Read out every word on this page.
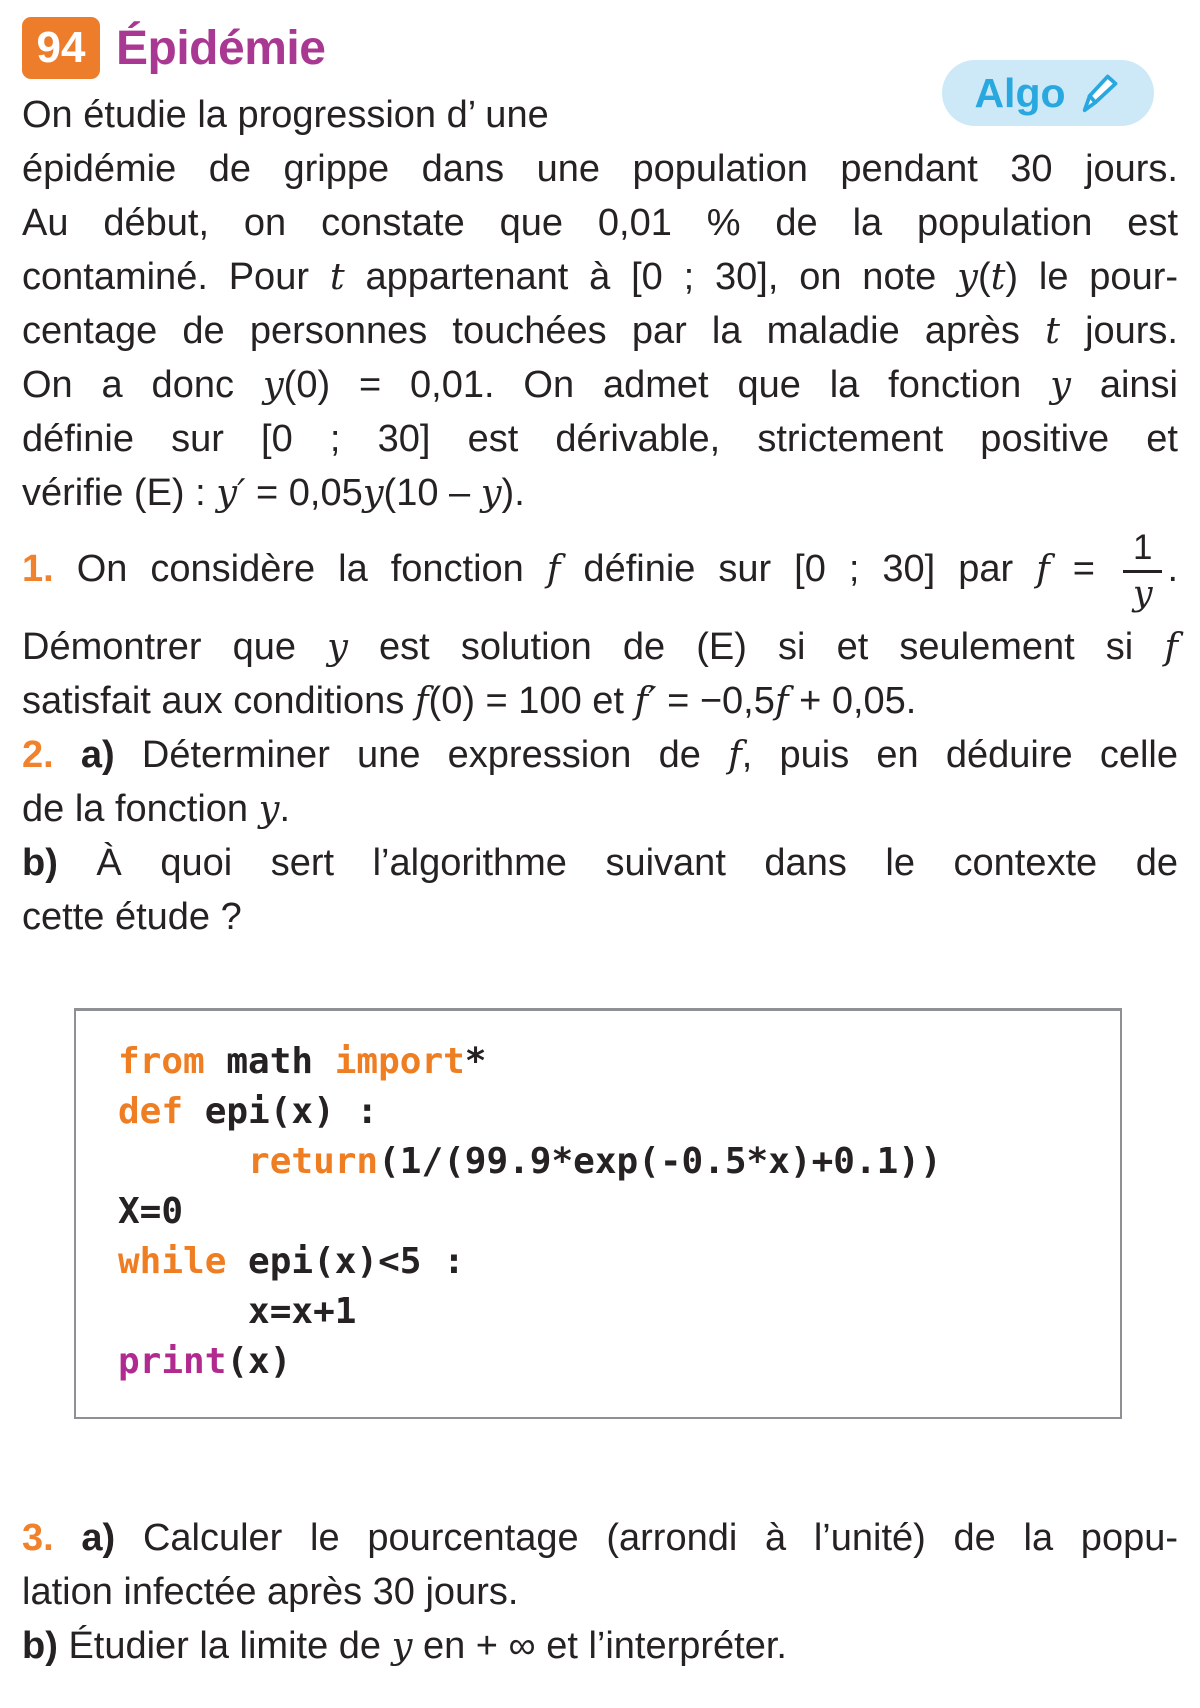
94 Épidémie
Algo
On étudie la progression d’ une
épidémie de grippe dans une population pendant 30 jours.
Au début, on constate que 0,01 % de la population est
contaminé. Pour t appartenant à [0 ; 30], on note y(t) le pour-
centage de personnes touchées par la maladie après t jours.
On a donc y(0) = 0,01. On admet que la fonction y ainsi
définie sur [0 ; 30] est dérivable, strictement positive et
vérifie (E) : y′ = 0,05y(10 – y).
1. On considère la fonction f définie sur [0 ; 30] par $f = \frac{1}{y}$ .
Démontrer que y est solution de (E) si et seulement si f
satisfait aux conditions f(0) = 100 et f′ = −0,5f + 0,05.
2. a) Déterminer une expression de f, puis en déduire celle
de la fonction y.
b) À quoi sert l’algorithme suivant dans le contexte de
cette étude ?
from math import*
def epi(x) :
return(1/(99.9*exp(-0.5*x)+0.1))
X=0
while epi(x)<5 :
x=x+1
print(x)
3. a) Calculer le pourcentage (arrondi à l’unité) de la popu-
lation infectée après 30 jours.
b) Étudier la limite de y en + ∞ et l’interpréter.
